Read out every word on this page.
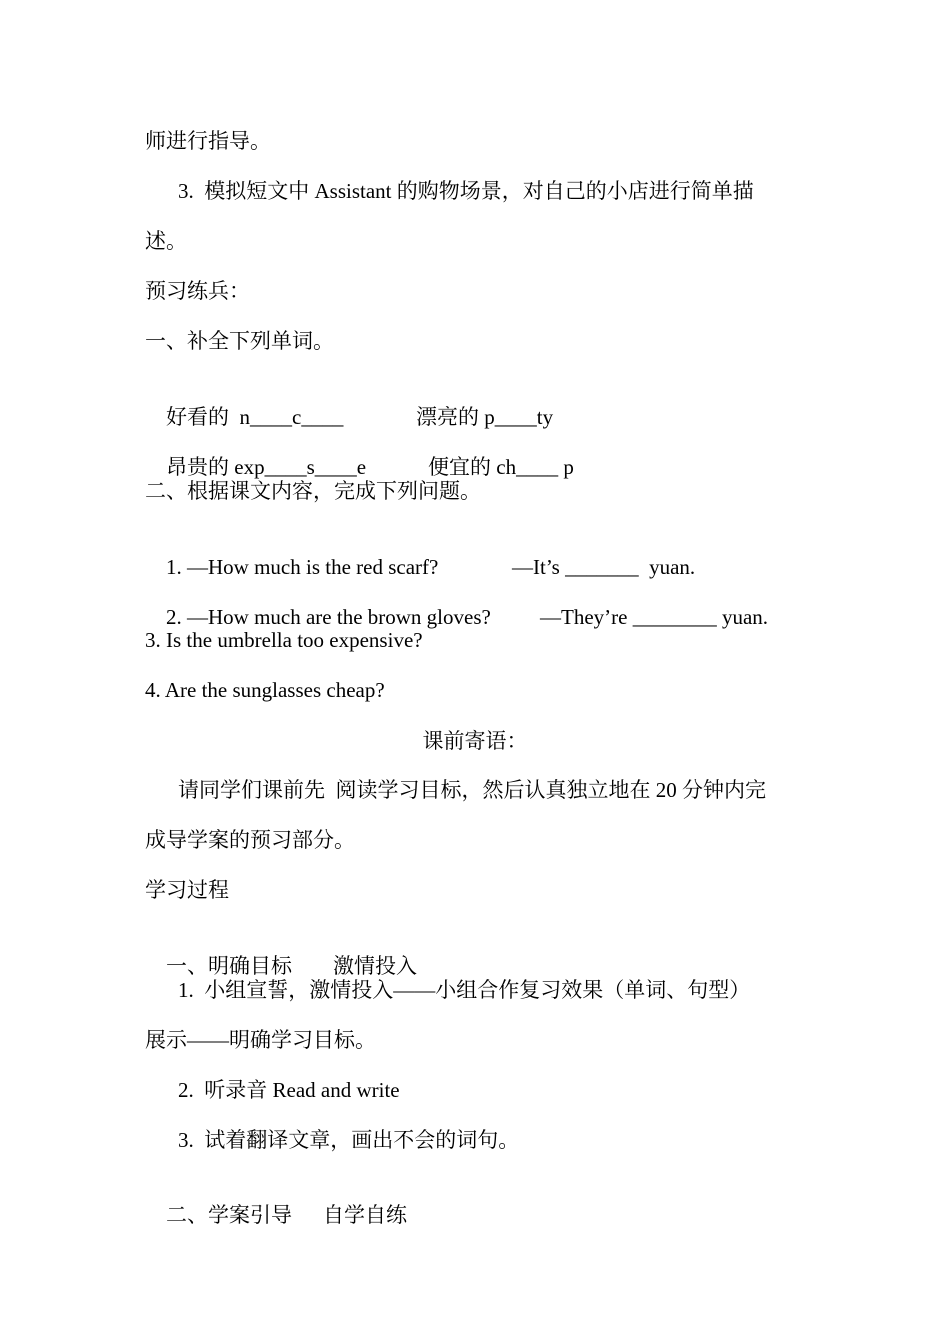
师进行指导。
3.  模拟短文中 Assistant 的购物场景，对自己的小店进行简单描
述。
预习练兵：
一、补全下列单词。

好看的  n____c____	漂亮的 p____ty

昂贵的 exp____s____e	便宜的 ch____ p

二、根据课文内容，完成下列问题。

1. —How much is the red scarf?	—It’s _______  yuan.

2. —How much are the brown gloves? —They’re ________ yuan.

3. Is the umbrella too expensive?
4. Are the sunglasses cheap?
课前寄语：
请同学们课前先  阅读学习目标，然后认真独立地在 20 分钟内完
成导学案的预习部分。
学习过程

一、明确目标 激情投入

1.  小组宣誓，激情投入——小组合作复习效果（单词、句型）
展示——明确学习目标。
2.  听录音 Read and write
3.  试着翻译文章，画出不会的词句。

二、学案引导 自学自练
